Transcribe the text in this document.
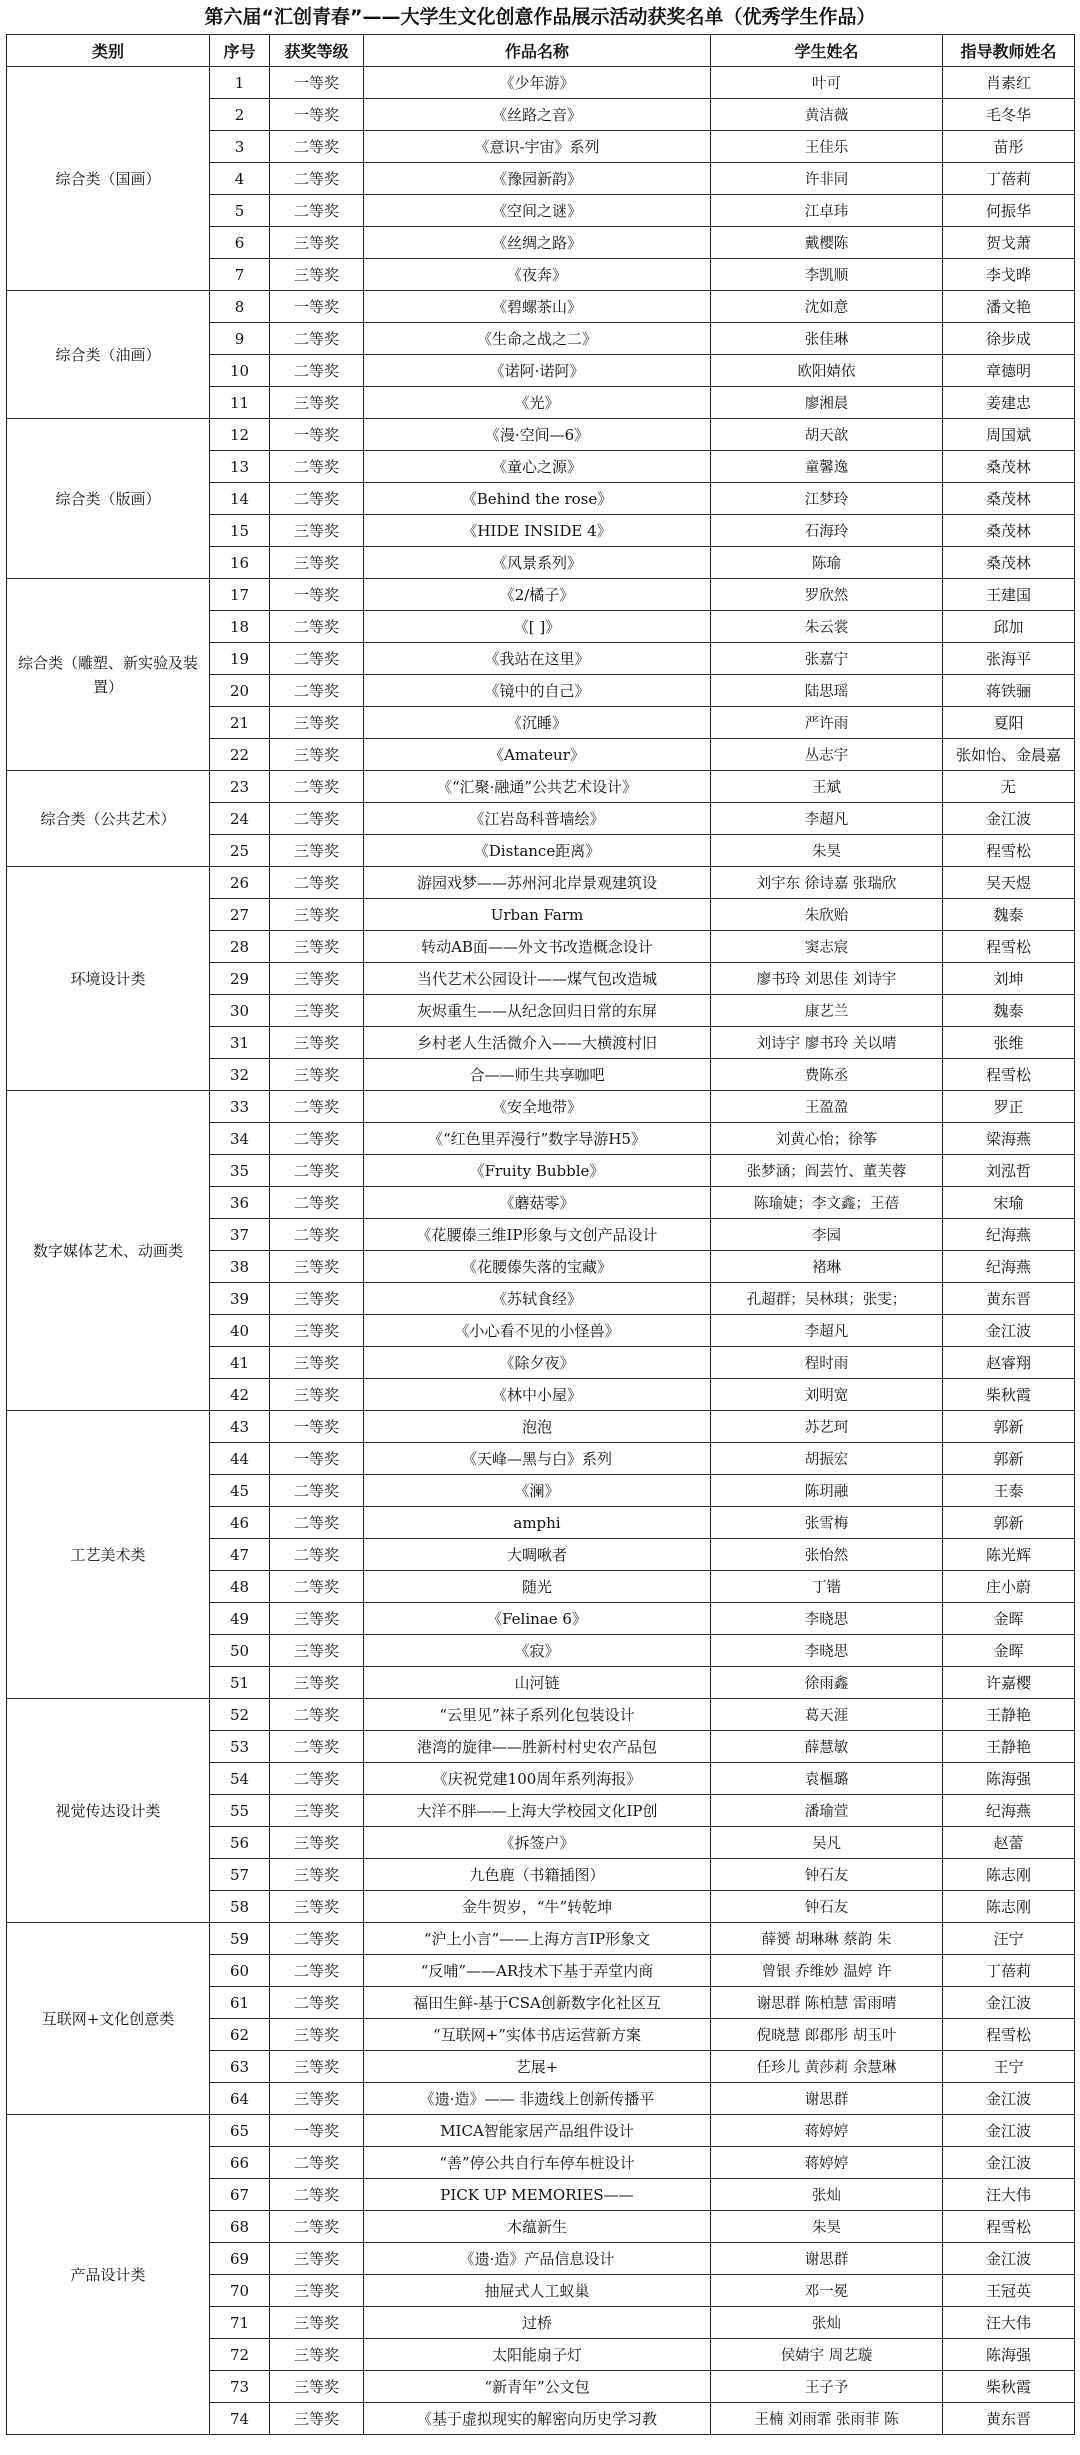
第六届“汇创青春”——大学生文化创意作品展示活动获奖名单（优秀学生作品）
类别	序号	获奖等级	作品名称	学生姓名	指导教师姓名
综合类（国画）	1	一等奖	《少年游》	叶可	肖素红
	2	一等奖	《丝路之音》	黄洁薇	毛冬华
	3	二等奖	《意识-宇宙》系列	王佳乐	苗彤
	4	二等奖	《豫园新韵》	许非同	丁蓓莉
	5	二等奖	《空间之谜》	江卓玮	何振华
	6	三等奖	《丝绸之路》	戴樱陈	贺戈萧
	7	三等奖	《夜奔》	李凯顺	李戈晔
综合类（油画）	8	一等奖	《碧螺茶山》	沈如意	潘文艳
	9	二等奖	《生命之战之二》	张佳琳	徐步成
	10	二等奖	《诺阿·诺阿》	欧阳婧依	章德明
	11	三等奖	《光》	廖湘晨	姜建忠
综合类（版画）	12	一等奖	《漫·空间—6》	胡天歆	周国斌
	13	二等奖	《童心之源》	童馨逸	桑茂林
	14	二等奖	《Behind the rose》	江梦玲	桑茂林
	15	三等奖	《HIDE INSIDE 4》	石海玲	桑茂林
	16	三等奖	《风景系列》	陈瑜	桑茂林
综合类（雕塑、新实验及装置）	17	一等奖	《2/橘子》	罗欣然	王建国
	18	二等奖	《[ ]》	朱云裳	邱加
	19	二等奖	《我站在这里》	张嘉宁	张海平
	20	二等奖	《镜中的自己》	陆思瑶	蒋铁骊
	21	三等奖	《沉睡》	严许雨	夏阳
	22	三等奖	《Amateur》	丛志宇	张如怡、金晨嘉
综合类（公共艺术）	23	二等奖	《“汇聚·融通”公共艺术设计》	王斌	无
	24	二等奖	《江岩岛科普墙绘》	李超凡	金江波
	25	三等奖	《Distance距离》	朱昊	程雪松
环境设计类	26	二等奖	游园戏梦——苏州河北岸景观建筑设	刘宇东 徐诗嘉 张瑞欣	吴天煜
	27	三等奖	Urban Farm	朱欣贻	魏泰
	28	三等奖	转动AB面——外文书改造概念设计	窦志宸	程雪松
	29	三等奖	当代艺术公园设计——煤气包改造城	廖书玲 刘思佳 刘诗宇	刘坤
	30	三等奖	灰烬重生——从纪念回归日常的东屏	康艺兰	魏泰
	31	三等奖	乡村老人生活微介入——大横渡村旧	刘诗宇 廖书玲 关以晴	张维
	32	三等奖	合——师生共享咖吧	费陈丞	程雪松
数字媒体艺术、动画类	33	二等奖	《安全地带》	王盈盈	罗正
	34	二等奖	《“红色里弄漫行”数字导游H5》	刘黄心怡；徐筝	梁海燕
	35	二等奖	《Fruity Bubble》	张梦涵；阎芸竹、董芙蓉	刘泓哲
	36	二等奖	《蘑菇零》	陈瑜婕；李文鑫；王蓓	宋瑜
	37	二等奖	《花腰傣三维IP形象与文创产品设计	李园	纪海燕
	38	三等奖	《花腰傣失落的宝藏》	褚琳	纪海燕
	39	三等奖	《苏轼食经》	孔超群；吴林琪；张雯；	黄东晋
	40	三等奖	《小心看不见的小怪兽》	李超凡	金江波
	41	三等奖	《除夕夜》	程时雨	赵睿翔
	42	三等奖	《林中小屋》	刘明宽	柴秋霞
工艺美术类	43	一等奖	泡泡	苏艺珂	郭新
	44	一等奖	《天峰—黑与白》系列	胡振宏	郭新
	45	二等奖	《澜》	陈玥融	王泰
	46	二等奖	amphi	张雪梅	郭新
	47	二等奖	大啁啾者	张怡然	陈光辉
	48	二等奖	随光	丁锴	庄小蔚
	49	三等奖	《Felinae 6》	李晓思	金晖
	50	三等奖	《寂》	李晓思	金晖
	51	三等奖	山河链	徐雨鑫	许嘉樱
视觉传达设计类	52	二等奖	“云里见”袜子系列化包装设计	葛天涯	王静艳
	53	二等奖	港湾的旋律——胜新村村史农产品包	薛慧敏	王静艳
	54	二等奖	《庆祝党建100周年系列海报》	袁樞璐	陈海强
	55	三等奖	大洋不胖——上海大学校园文化IP创	潘瑜萱	纪海燕
	56	三等奖	《拆签户》	吴凡	赵蕾
	57	三等奖	九色鹿（书籍插图）	钟石友	陈志刚
	58	三等奖	金牛贺岁，“牛”转乾坤	钟石友	陈志刚
互联网+文化创意类	59	二等奖	“沪上小言”——上海方言IP形象文	薛赟 胡琳琳 蔡韵 朱	汪宁
	60	二等奖	“反哺”——AR技术下基于弄堂内商	曾银 乔维妙 温婷 许	丁蓓莉
	61	二等奖	福田生鲜-基于CSA创新数字化社区互	谢思群 陈柏慧 雷雨晴	金江波
	62	三等奖	“互联网+”实体书店运营新方案	倪晓慧 郎郡彤 胡玉叶	程雪松
	63	三等奖	艺展+	任珍儿 黄莎莉 余慧琳	王宁
	64	三等奖	《遗·造》—— 非遗线上创新传播平	谢思群	金江波
产品设计类	65	一等奖	MICA智能家居产品组件设计	蒋婷婷	金江波
	66	二等奖	“善”停公共自行车停车桩设计	蒋婷婷	金江波
	67	二等奖	PICK UP MEMORIES——	张灿	汪大伟
	68	二等奖	木蕴新生	朱昊	程雪松
	69	三等奖	《遗·造》产品信息设计	谢思群	金江波
	70	三等奖	抽屉式人工蚁巢	邓一冕	王冠英
	71	三等奖	过桥	张灿	汪大伟
	72	三等奖	太阳能扇子灯	侯婧宇 周艺璇	陈海强
	73	三等奖	“新青年”公文包	王子予	柴秋霞
	74	三等奖	《基于虚拟现实的解密向历史学习教	王楠 刘雨霏 张雨菲 陈	黄东晋
